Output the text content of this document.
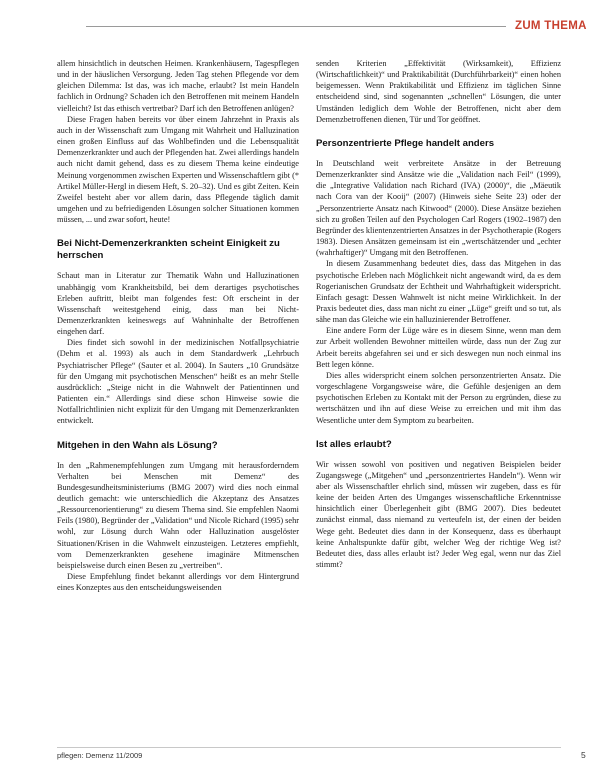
ZUM THEMA

allem hinsichtlich in deutschen Heimen. Krankenhäusern, Tagespflegen und in der häuslichen Versorgung. Jeden Tag stehen Pflegende vor dem gleichen Dilemma: Ist das, was ich mache, erlaubt? Ist mein Handeln fachlich in Ordnung? Schaden ich den Betroffenen mit meinem Handeln vielleicht? Ist das ethisch vertretbar? Darf ich den Betroffenen anlügen?

Diese Fragen haben bereits vor über einem Jahrzehnt in Praxis als auch in der Wissenschaft zum Umgang mit Wahrheit und Halluzination einen großen Einfluss auf das Wohlbefinden und die Lebensqualität Demenzerkrankter und auch der Pflegenden hat. Zwei allerdings handeln auch nicht damit gehend, dass es zu diesem Thema keine eindeutige Meinung vorgenommen zwischen Experten und Wissenschaftlern gibt (* Artikel Müller-Hergl in diesem Heft, S. 20–32). Und es gibt Zeiten. Kein Zweifel besteht aber vor allem darin, dass Pflegende täglich damit umgehen und zu befriedigenden Lösungen solcher Situationen kommen müssen, ... und zwar sofort, heute!

Bei Nicht-Demenzerkrankten scheint Einigkeit zu herrschen

Schaut man in Literatur zur Thematik Wahn und Halluzinationen unabhängig vom Krankheitsbild, bei dem derartiges psychotisches Erleben auftritt, bleibt man folgendes fest: Oft erscheint in der Wissenschaft weitestgehend einig, dass man bei Nicht-Demenzerkrankten keineswegs auf Wahninhalte der Betroffenen eingehen darf.

Dies findet sich sowohl in der medizinischen Notfallpsychiatrie (Dehm et al. 1993) als auch in dem Standardwerk „Lehrbuch Psychiatrischer Pflege“ (Sauter et al. 2004). In Sauters „10 Grundsätze für den Umgang mit psychotischen Menschen“ heißt es an mehr Stelle ausdrücklich: „Steige nicht in die Wahnwelt der Patientinnen und Patienten ein.“ Allerdings sind diese schon Hinweise sowie die Notfallrichtlinien nicht explizit für den Umgang mit Demenzerkrankten entwickelt.

Mitgehen in den Wahn als Lösung?

In den „Rahmenempfehlungen zum Umgang mit herausforderndem Verhalten bei Menschen mit Demenz“ des Bundesgesundheitsministeriums (BMG 2007) wird dies noch einmal deutlich gemacht: wie unterschiedlich die Akzeptanz des Ansatzes „Ressourcenorientierung“ zu diesem Thema sind. Sie empfehlen Naomi Feils (1980), Begründer der „Validation“ und Nicole Richard (1995) sehr wohl, zur Lösung durch Wahn oder Halluzination ausgelöster Situationen/Krisen in die Wahnwelt einzusteigen. Letzteres empfiehlt, vom Demenzerkrankten gesehene imaginäre Mitmenschen beispielsweise durch einen Besen zu „vertreiben“.

Diese Empfehlung findet bekannt allerdings vor dem Hintergrund eines Konzeptes aus den entscheidungsweisenden

senden Kriterien „Effektivität (Wirksamkeit), Effizienz (Wirtschaftlichkeit)“ und Praktikabilität (Durchführbarkeit)“ einen hohen beigemessen. Wenn Praktikabilität und Effizienz im täglichen Sinne entscheidend sind, sind sogenannten „schnellen“ Lösungen, die unter Umständen lediglich dem Wohle der Betroffenen, nicht aber dem Demenzbetroffenen dienen, Tür und Tor geöffnet.

Personzentrierte Pflege handelt anders

In Deutschland weit verbreitete Ansätze in der Betreuung Demenzerkrankter sind Ansätze wie die „Validation nach Feil“ (1999), die „Integrative Validation nach Richard (IVA) (2000)“, die „Mäeutik nach Cora van der Kooij“ (2007) (Hinweis siehe Seite 23) oder der „Personzentrierte Ansatz nach Kitwood“ (2000). Diese Ansätze beziehen sich zu großen Teilen auf den Psychologen Carl Rogers (1902–1987) den Begründer des klientenzentrierten Ansatzes in der Psychotherapie (Rogers 1983). Diesen Ansätzen gemeinsam ist ein „wertschätzender und „echter (wahrhaftiger)“ Umgang mit den Betroffenen.

In diesem Zusammenhang bedeutet dies, dass das Mitgehen in das psychotische Erleben nach Möglichkeit nicht angewandt wird, da es dem Rogerianischen Grundsatz der Echtheit und Wahrhaftigkeit widerspricht. Einfach gesagt: Dessen Wahnwelt ist nicht meine Wirklichkeit. In der Praxis bedeutet dies, dass man nicht zu einer „Lüge“ greift und so tut, als sähe man das Gleiche wie ein halluzinierender Betroffener.

Eine andere Form der Lüge wäre es in diesem Sinne, wenn man dem zur Arbeit wollenden Bewohner mitteilen würde, dass nun der Zug zur Arbeit bereits abgefahren sei und er sich deswegen nun noch einmal ins Bett legen könne.

Dies alles widerspricht einem solchen personzentrierten Ansatz. Die vorgeschlagene Vorgangsweise wäre, die Gefühle desjenigen an dem psychotischen Erleben zu Kontakt mit der Person zu ergründen, diese zu wertschätzen und ihn auf diese Weise zu erreichen und mit ihm das Wesentliche unter dem Symptom zu bearbeiten.

Ist alles erlaubt?

Wir wissen sowohl von positiven und negativen Beispielen beider Zugangswege („Mitgehen“ und „personzentriertes Handeln“). Wenn wir aber als Wissenschaftler ehrlich sind, müssen wir zugeben, dass es für keine der beiden Arten des Umganges wissenschaftliche Erkenntnisse hinsichtlich einer Überlegenheit gibt (BMG 2007). Dies bedeutet zunächst einmal, dass niemand zu verteufeln ist, der einen der beiden Wege geht. Bedeutet dies dann in der Konsequenz, dass es überhaupt keine Anhaltspunkte dafür gibt, welcher Weg der richtige Weg ist? Bedeutet dies, dass alles erlaubt ist? Jeder Weg egal, wenn nur das Ziel stimmt?

pflegen: Demenz 11/2009	5
